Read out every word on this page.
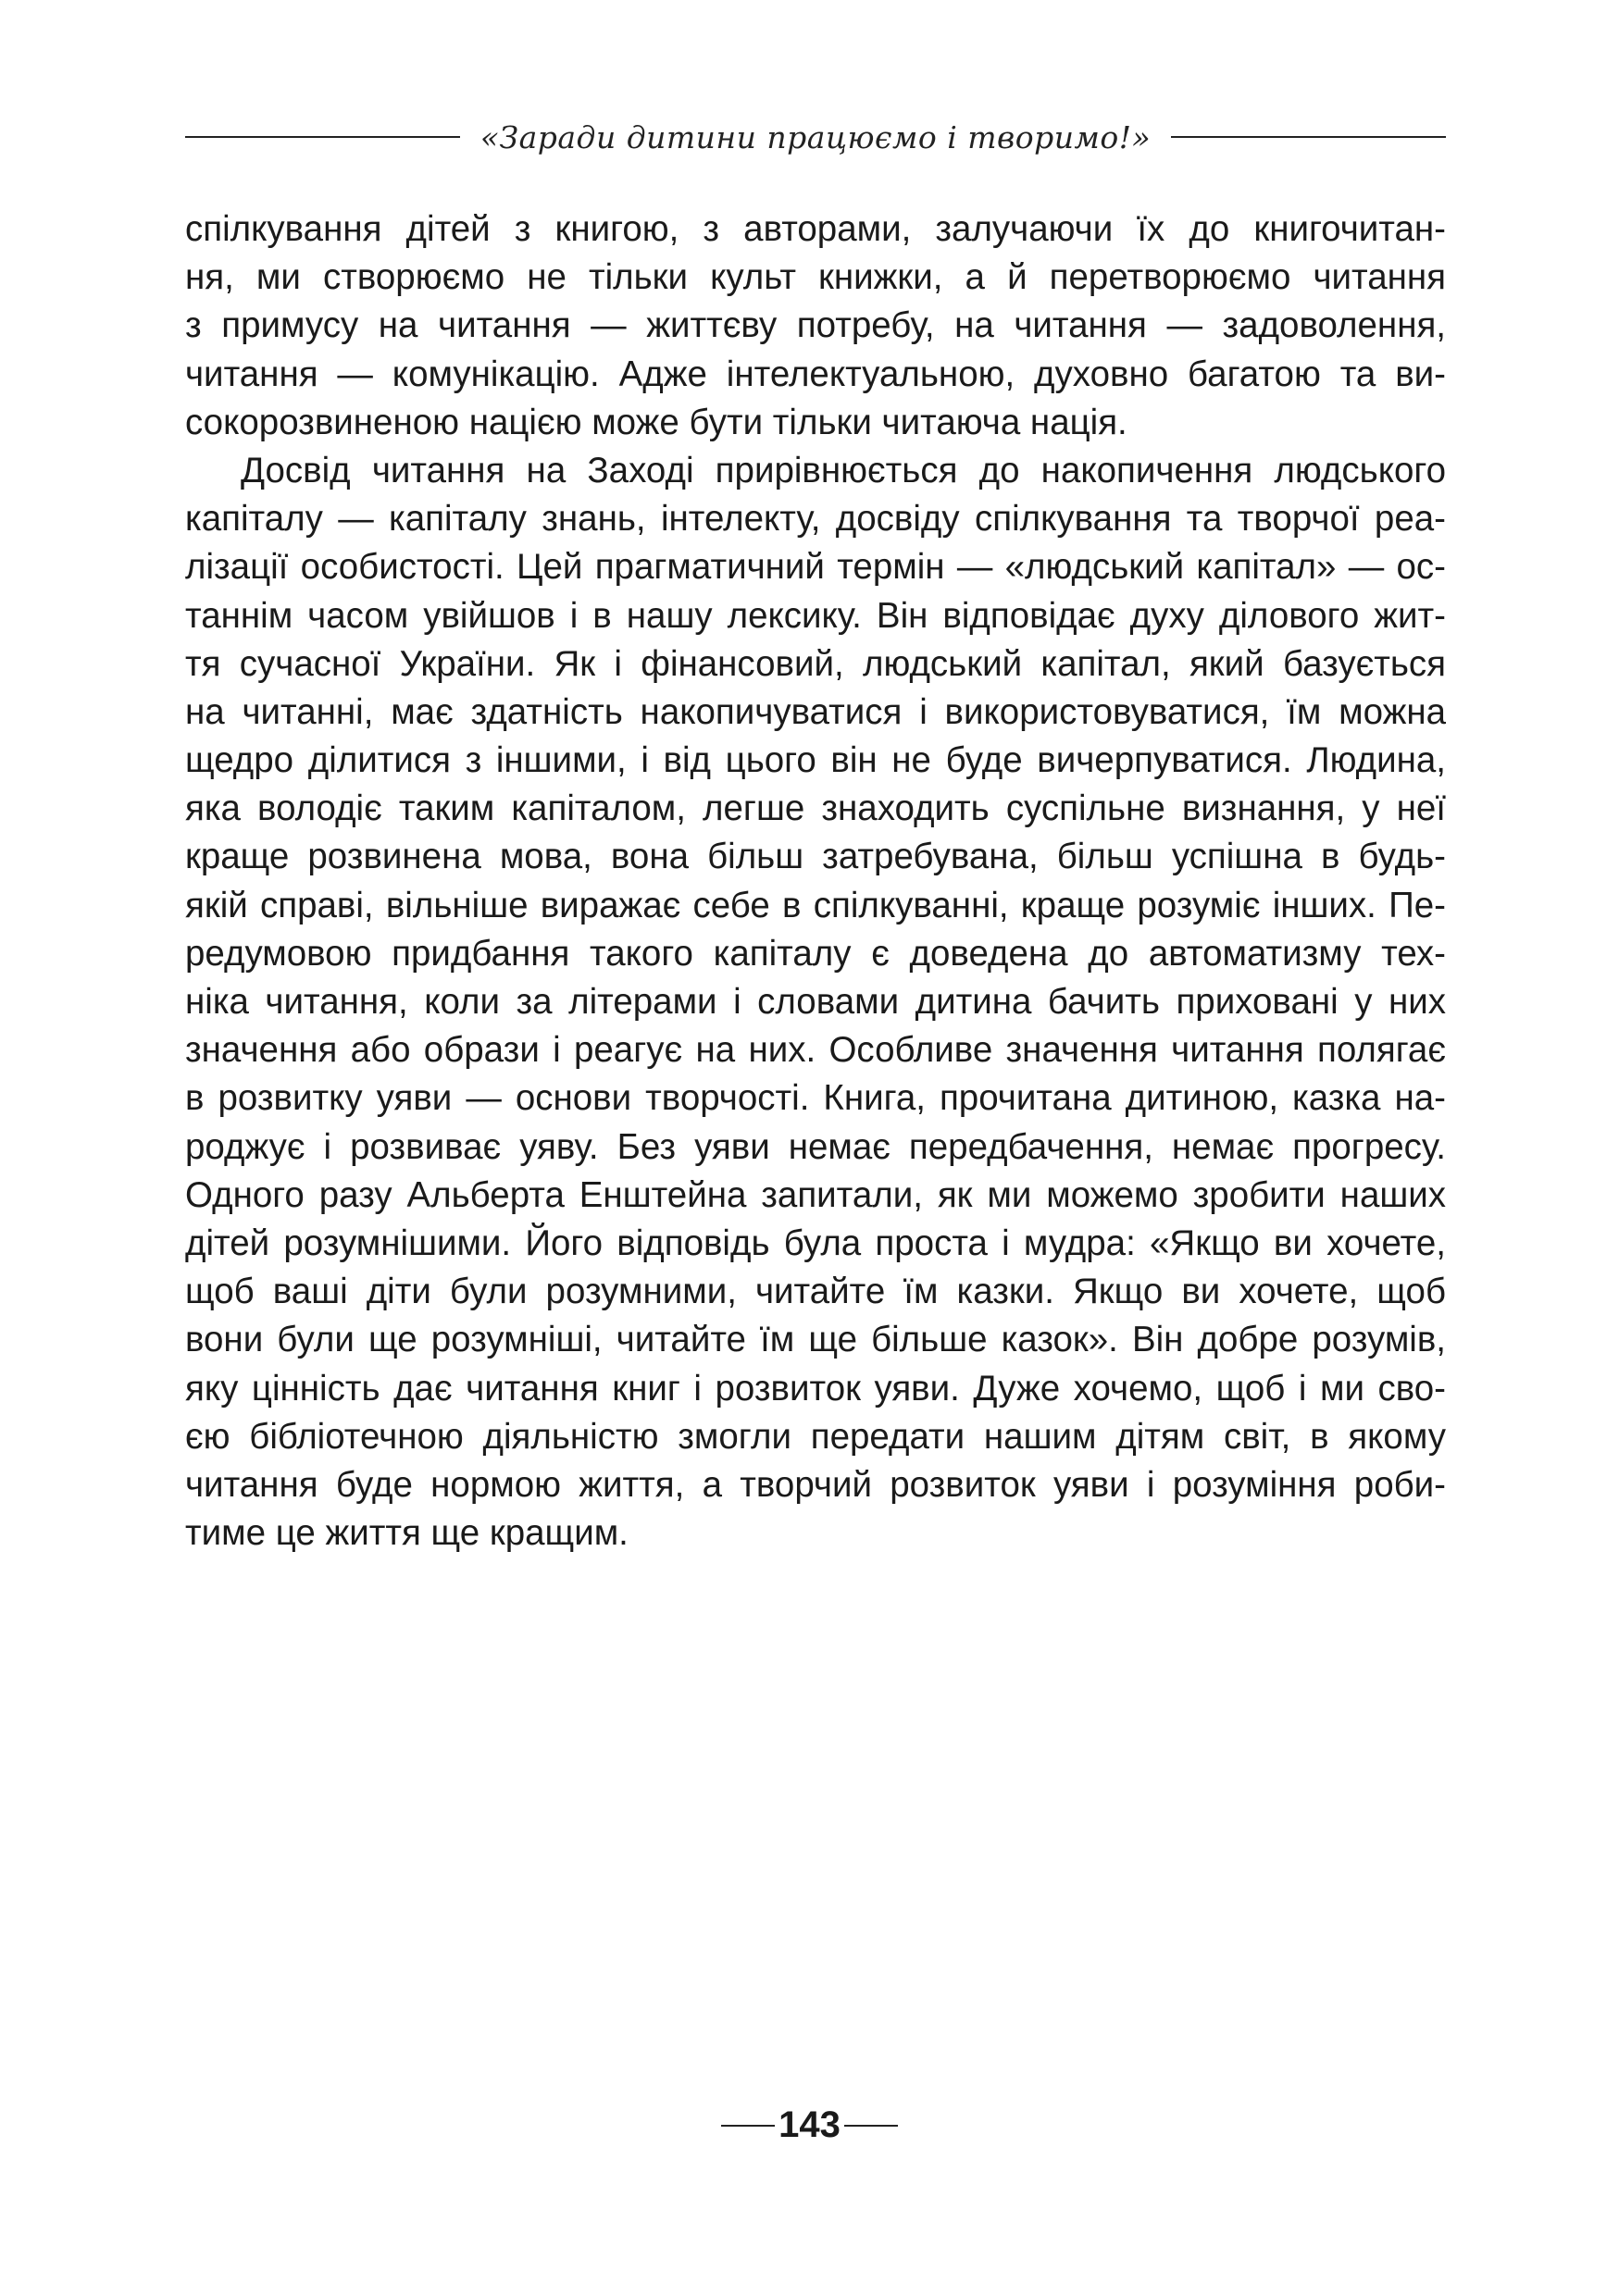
«Заради дитини працюємо і творимо!»
спілкування дітей з книгою, з авторами, залучаючи їх до книгочитан-
ня, ми створюємо не тільки культ книжки, а й перетворюємо читання
з примусу на читання — життєву потребу, на читання — задоволення,
читання — комунікацію. Адже інтелектуальною, духовно багатою та ви-
сокорозвиненою нацією може бути тільки читаюча нація.
Досвід читання на Заході прирівнюється до накопичення людського
капіталу — капіталу знань, інтелекту, досвіду спілкування та творчої реа-
лізації особистості. Цей прагматичний термін — «людський капітал» — ос-
таннім часом увійшов і в нашу лексику. Він відповідає духу ділового жит-
тя сучасної України. Як і фінансовий, людський капітал, який базується
на читанні, має здатність накопичуватися і використовуватися, їм можна
щедро ділитися з іншими, і від цього він не буде вичерпуватися. Людина,
яка володіє таким капіталом, легше знаходить суспільне визнання, у неї
краще розвинена мова, вона більш затребувана, більш успішна в будь-
якій справі, вільніше виражає себе в спілкуванні, краще розуміє інших. Пе-
редумовою придбання такого капіталу є доведена до автоматизму тех-
ніка читання, коли за літерами і словами дитина бачить приховані у них
значення або образи і реагує на них. Особливе значення читання полягає
в розвитку уяви — основи творчості. Книга, прочитана дитиною, казка на-
роджує і розвиває уяву. Без уяви немає передбачення, немає прогресу.
Одного разу Альберта Енштейна запитали, як ми можемо зробити наших
дітей розумнішими. Його відповідь була проста і мудра: «Якщо ви хочете,
щоб ваші діти були розумними, читайте їм казки. Якщо ви хочете, щоб
вони були ще розумніші, читайте їм ще більше казок». Він добре розумів,
яку цінність дає читання книг і розвиток уяви. Дуже хочемо, щоб і ми сво-
єю бібліотечною діяльністю змогли передати нашим дітям світ, в якому
читання буде нормою життя, а творчий розвиток уяви і розуміння роби-
тиме це життя ще кращим.
143
